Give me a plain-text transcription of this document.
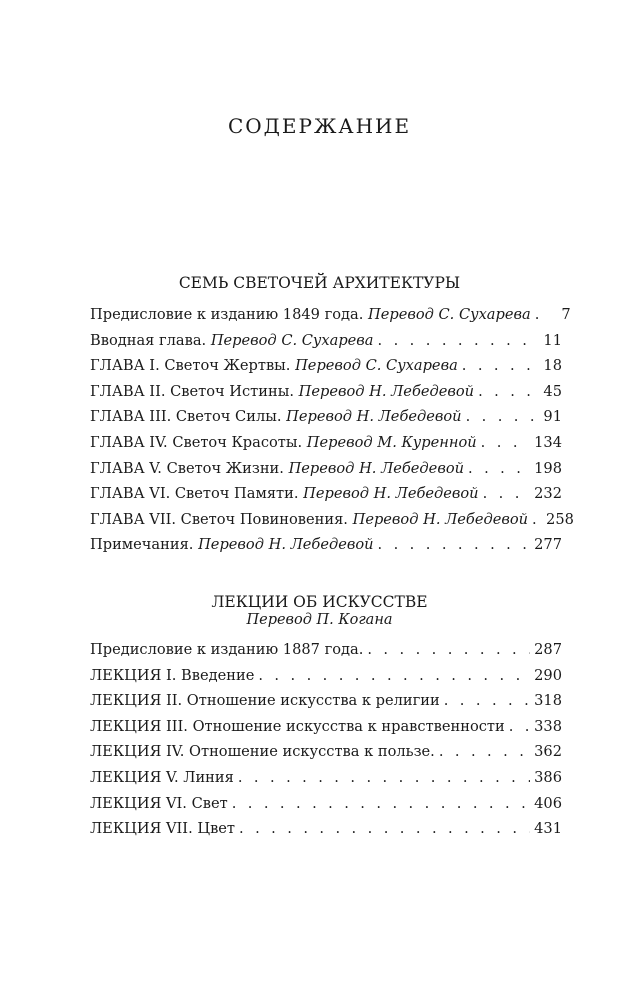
СОДЕРЖАНИЕ
СЕМЬ СВЕТОЧЕЙ АРХИТЕКТУРЫ
Предисловие к изданию 1849 года. Перевод С. Сухарева . . .	7
Вводная глава. Перевод С. Сухарева . . .	11
ГЛАВА I. Светоч Жертвы. Перевод С. Сухарева . . .	18
ГЛАВА II. Светоч Истины. Перевод Н. Лебедевой . . .	45
ГЛАВА III. Светоч Силы. Перевод Н. Лебедевой . . .	91
ГЛАВА IV. Светоч Красоты. Перевод М. Куренной . . .	134
ГЛАВА V. Светоч Жизни. Перевод Н. Лебедевой . . .	198
ГЛАВА VI. Светоч Памяти. Перевод Н. Лебедевой . . .	232
ГЛАВА VII. Светоч Повиновения. Перевод Н. Лебедевой . . . 258
Примечания. Перевод Н. Лебедевой . . .	277
ЛЕКЦИИ ОБ ИСКУССТВЕ
Перевод П. Когана
Предисловие к изданию 1887 года. . . .	287
ЛЕКЦИЯ I. Введение . . .	290
ЛЕКЦИЯ II. Отношение искусства к религии . . .	318
ЛЕКЦИЯ III. Отношение искусства к нравственности . . . 338
ЛЕКЦИЯ IV. Отношение искусства к пользе. . . .	362
ЛЕКЦИЯ V. Линия . . .	386
ЛЕКЦИЯ VI. Свет . . .	406
ЛЕКЦИЯ VII. Цвет . . .	431
